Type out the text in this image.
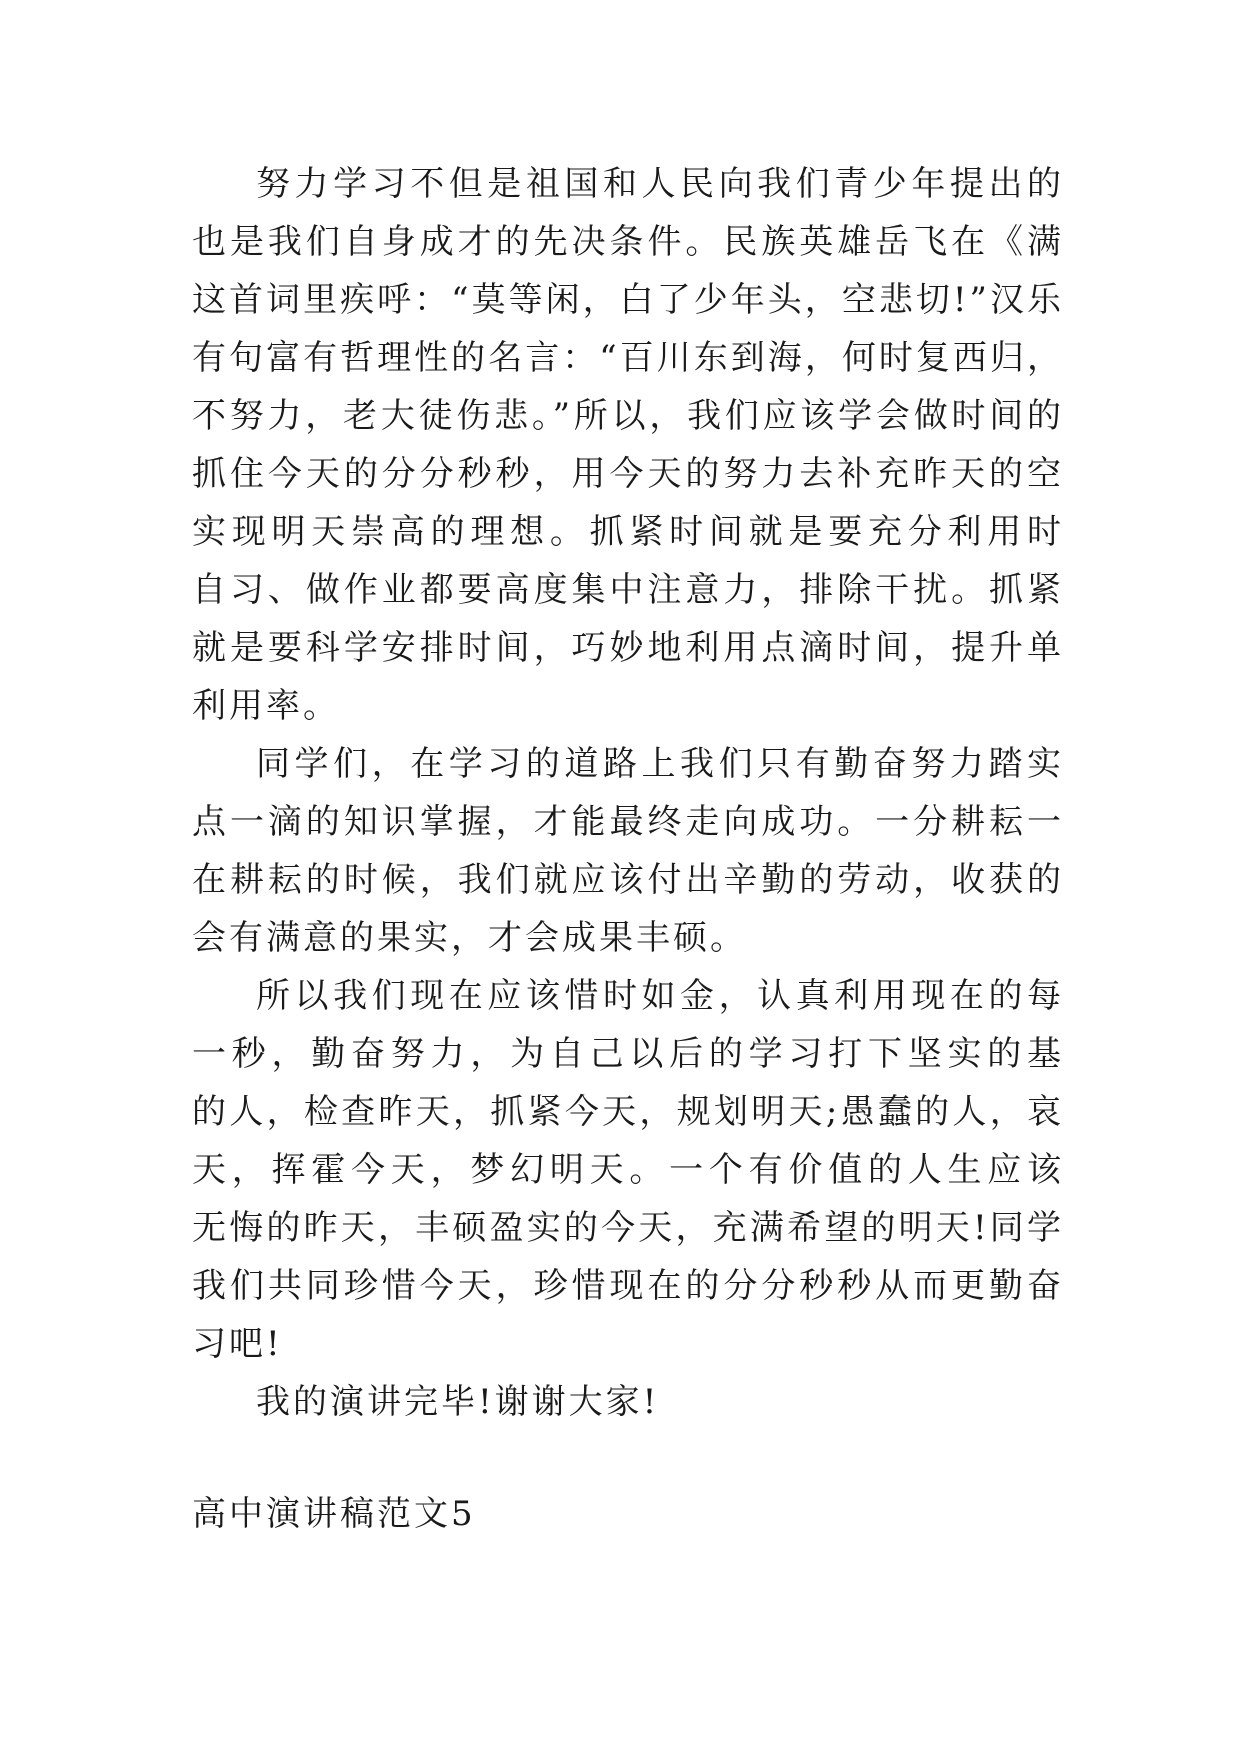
努力学习不但是祖国和人民向我们青少年提出的
也是我们自身成才的先决条件。民族英雄岳飞在《满
这首词里疾呼：“莫等闲，白了少年头，空悲切!”汉乐
有句富有哲理性的名言：“百川东到海，何时复西归，
不努力，老大徒伤悲。”所以，我们应该学会做时间的
抓住今天的分分秒秒，用今天的努力去补充昨天的空
实现明天崇高的理想。抓紧时间就是要充分利用时
自习、做作业都要高度集中注意力，排除干扰。抓紧
就是要科学安排时间，巧妙地利用点滴时间，提升单
利用率。
同学们，在学习的道路上我们只有勤奋努力踏实
点一滴的知识掌握，才能最终走向成功。一分耕耘一
在耕耘的时候，我们就应该付出辛勤的劳动，收获的
会有满意的果实，才会成果丰硕。
所以我们现在应该惜时如金，认真利用现在的每
一秒，勤奋努力，为自己以后的学习打下坚实的基
的人，检查昨天，抓紧今天，规划明天;愚蠢的人，哀
天，挥霍今天，梦幻明天。一个有价值的人生应该
无悔的昨天，丰硕盈实的今天，充满希望的明天!同学
我们共同珍惜今天，珍惜现在的分分秒秒从而更勤奋
习吧!
我的演讲完毕!谢谢大家!
高中演讲稿范文5
